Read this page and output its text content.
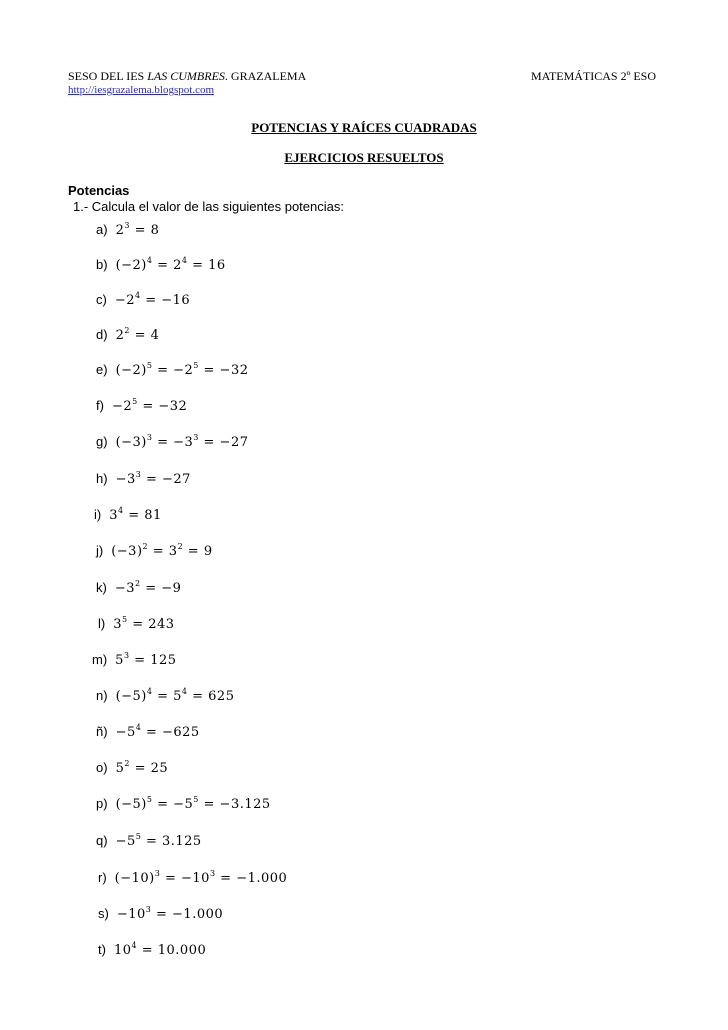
SESO DEL IES LAS CUMBRES. GRAZALEMA	MATEMÁTICAS 2º ESO
http://iesgrazalema.blogspot.com
POTENCIAS Y RAÍCES CUADRADAS
EJERCICIOS RESUELTOS
Potencias
1.- Calcula el valor de las siguientes potencias:
a) $2^3 = 8$
b) $(-2)^4 = 2^4 = 16$
$c) -2^4 = -16$
d) $2^2 = 4$
e) $(-2)^5 = -2^5 = -32$
$f) -2^5 = -32$
g) $(-3)^3 = -3^3 = -27$
$h) -3^3 = -27$
i) $3^4 = 81$
j) $(-3)^2 = 3^2 = 9$
$k) -3^2 = -9$
l) $3^5 = 243$
m) $5^3 = 125$
n) $(-5)^4 = 5^4 = 625$
ñ) $-5^4 = -625$
o) $5^2 = 25$
p) $(-5)^5 = -5^5 = -3.125$
$q) -5^5 = 3.125$
r) $(-10)^3 = -10^3 = -1.000$
$s) -10^3 = -1.000$
t) $10^4 = 10.000$
